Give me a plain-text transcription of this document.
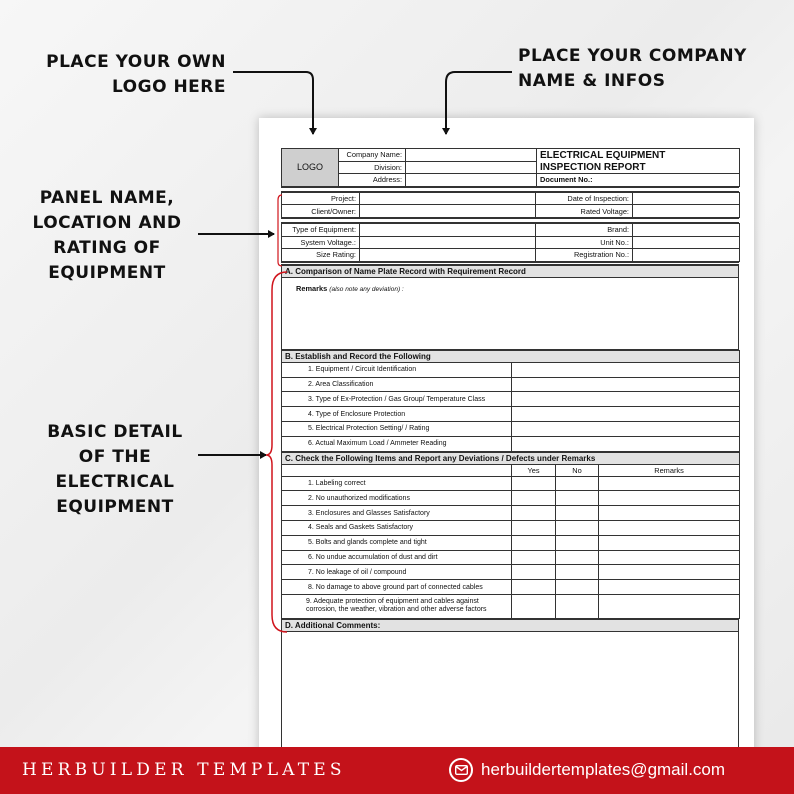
PLACE YOUR OWN
LOGO HERE
PLACE YOUR COMPANY
NAME & INFOS
PANEL NAME,
LOCATION AND
RATING OF
EQUIPMENT
BASIC DETAIL
OF THE
ELECTRICAL
EQUIPMENT
LOGO	Company Name:		ELECTRICAL EQUIPMENT
	Division:		INSPECTION REPORT
	Address:		Document No.:
Project:		Date of Inspection:	
Client/Owner:		Rated Voltage:	
Type of Equipment:		Brand:	
System Voltage.:		Unit No.:	
Size Rating:		Registration No.:	
A. Comparison of Name Plate Record with Requirement Record
Remarks (also note any deviation) :
B. Establish and Record the Following	
1. Equipment / Circuit Identification	
2. Area Classification	
3. Type of Ex-Protection / Gas Group/ Temperature Class	
4. Type of Enclosure Protection	
5. Electrical Protection Setting/ / Rating	
6. Actual Maximum Load / Ammeter Reading	
C. Check the Following Items and Report any Deviations / Defects under Remarks			
	Yes	No	Remarks
1. Labeling correct			
2. No unauthorized modifications			
3. Enclosures and Glasses Satisfactory			
4. Seals and Gaskets Satisfactory			
5. Bolts and glands complete and tight			
6. No undue accumulation of dust and dirt			
7. No leakage of oil / compound			
8. No damage to above ground part of connected cables			
9. Adequate protection of equipment and cables against corrosion, the weather, vibration and other adverse factors			
D. Additional Comments:

HERBUILDER TEMPLATES	herbuildertemplates@gmail.com
